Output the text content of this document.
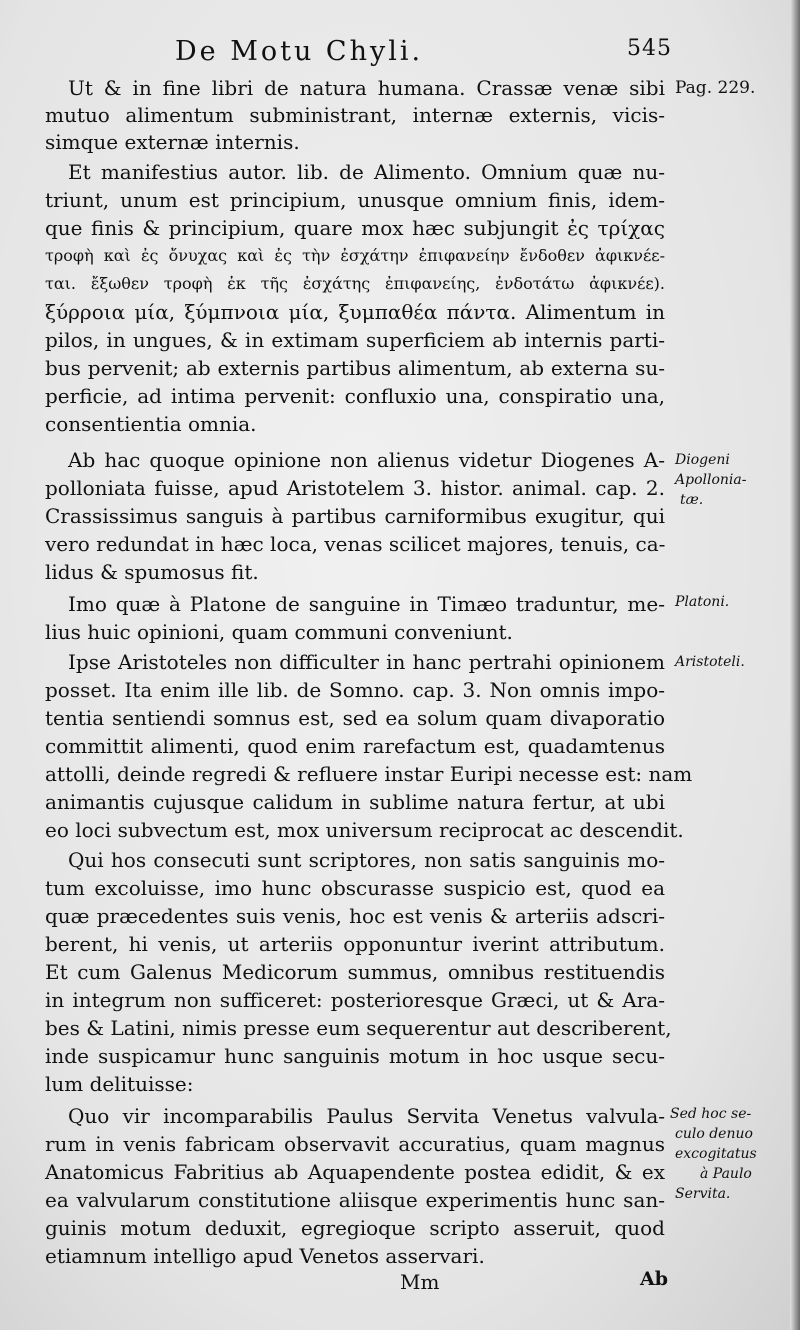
De Motu Chyli.	545
Ut & in fine libri de natura humana. Crassæ venæ sibi
mutuo alimentum subministrant, internæ externis, vicis-
simque externæ internis.
Et manifestius autor. lib. de Alimento. Omnium quæ nu-
triunt, unum est principium, unusque omnium finis, idem-
que finis & principium, quare mox hæc subjungit ἐς τρίχας
τροφὴ καὶ ἐς ὄνυχας καὶ ἐς τὴν ἐσχάτην ἐπιφανείην ἔνδοθεν ἀφικνέε-
ται. ἔξωθεν τροφὴ ἐκ τῆς ἐσχάτης ἐπιφανείης, ἐνδοτάτω ἀφικνέε).
ξύρροια μία, ξύμπνοια μία, ξυμπαθέα πάντα. Alimentum in
pilos, in ungues, & in extimam superficiem ab internis parti-
bus pervenit; ab externis partibus alimentum, ab externa su-
perficie, ad intima pervenit: confluxio una, conspiratio una,
consentientia omnia.
Ab hac quoque opinione non alienus videtur Diogenes A-
polloniata fuisse, apud Aristotelem 3. histor. animal. cap. 2.
Crassissimus sanguis à partibus carniformibus exugitur, qui
vero redundat in hæc loca, venas scilicet majores, tenuis, ca-
lidus & spumosus fit.
Imo quæ à Platone de sanguine in Timæo traduntur, me-
lius huic opinioni, quam communi conveniunt.
Ipse Aristoteles non difficulter in hanc pertrahi opinionem
posset. Ita enim ille lib. de Somno. cap. 3. Non omnis impo-
tentia sentiendi somnus est, sed ea solum quam divaporatio
committit alimenti, quod enim rarefactum est, quadamtenus
attolli, deinde regredi & refluere instar Euripi necesse est: nam
animantis cujusque calidum in sublime natura fertur, at ubi
eo loci subvectum est, mox universum reciprocat ac descendit.
Qui hos consecuti sunt scriptores, non satis sanguinis mo-
tum excoluisse, imo hunc obscurasse suspicio est, quod ea
quæ præcedentes suis venis, hoc est venis & arteriis adscri-
berent, hi venis, ut arteriis opponuntur iverint attributum.
Et cum Galenus Medicorum summus, omnibus restituendis
in integrum non sufficeret: posterioresque Græci, ut & Ara-
bes & Latini, nimis presse eum sequerentur aut describerent,
inde suspicamur hunc sanguinis motum in hoc usque secu-
lum delituisse:
Quo vir incomparabilis Paulus Servita Venetus valvula-
rum in venis fabricam observavit accuratius, quam magnus
Anatomicus Fabritius ab Aquapendente postea edidit, & ex
ea valvularum constitutione aliisque experimentis hunc san-
guinis motum deduxit, egregioque scripto asseruit, quod
etiamnum intelligo apud Venetos asservari.
Pag. 229.
Diogeni
Apollonia-
tæ.
Platoni.
Aristoteli.
Sed hoc se-
culo denuo
excogitatus
à Paulo
Servita.
Mm	Ab
